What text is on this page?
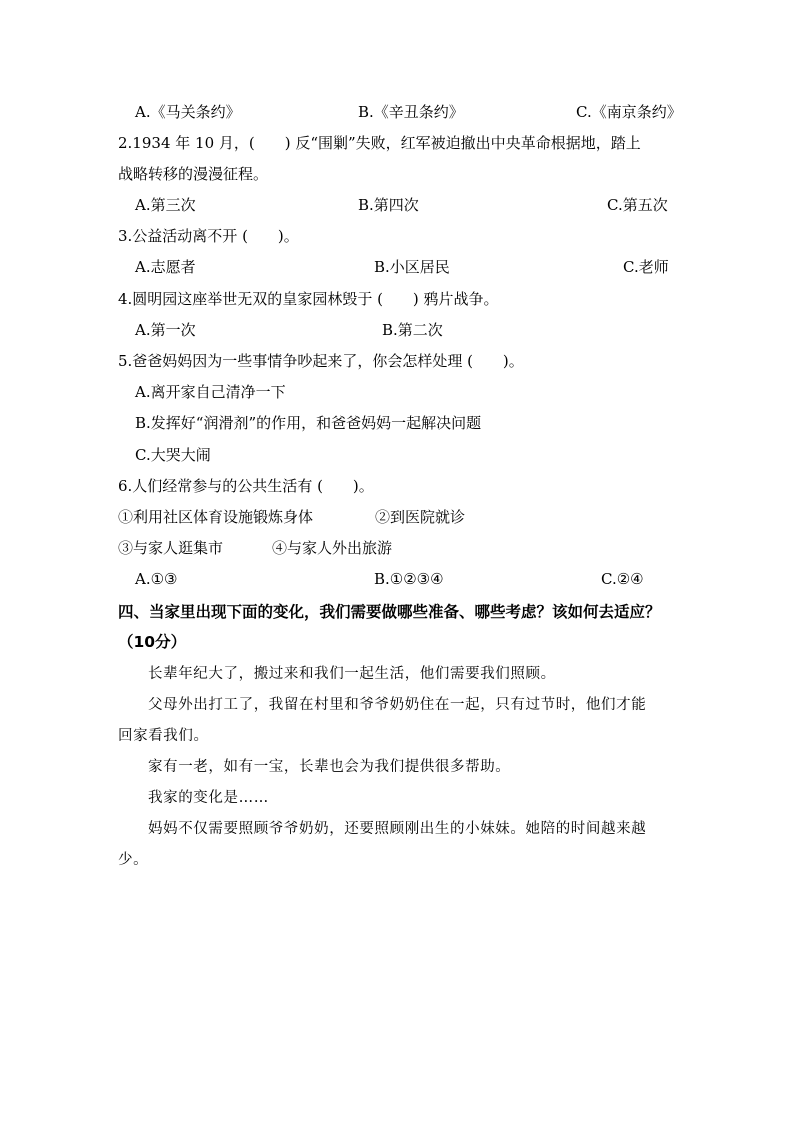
A.《马关条约》	B.《辛丑条约》	C.《南京条约》
2.1934 年 10 月，(　　) 反“围剿”失败，红军被迫撤出中央革命根据地，踏上
战略转移的漫漫征程。
A.第三次	B.第四次	C.第五次
3.公益活动离不开 (　　)。
A.志愿者	B.小区居民	C.老师
4.圆明园这座举世无双的皇家园林毁于 (　　) 鸦片战争。
A.第一次	B.第二次
5.爸爸妈妈因为一些事情争吵起来了，你会怎样处理 (　　)。
A.离开家自己清净一下
B.发挥好“润滑剂”的作用，和爸爸妈妈一起解决问题
C.大哭大闹
6.人们经常参与的公共生活有 (　　)。
①利用社区体育设施锻炼身体	②到医院就诊
③与家人逛集市	④与家人外出旅游
A.①③	B.①②③④	C.②④
四、当家里出现下面的变化，我们需要做哪些准备、哪些考虑？该如何去适应？
（10分）
长辈年纪大了，搬过来和我们一起生活，他们需要我们照顾。
父母外出打工了，我留在村里和爷爷奶奶住在一起，只有过节时，他们才能
回家看我们。
家有一老，如有一宝，长辈也会为我们提供很多帮助。
我家的变化是……
妈妈不仅需要照顾爷爷奶奶，还要照顾刚出生的小妹妹。她陪的时间越来越
少。
